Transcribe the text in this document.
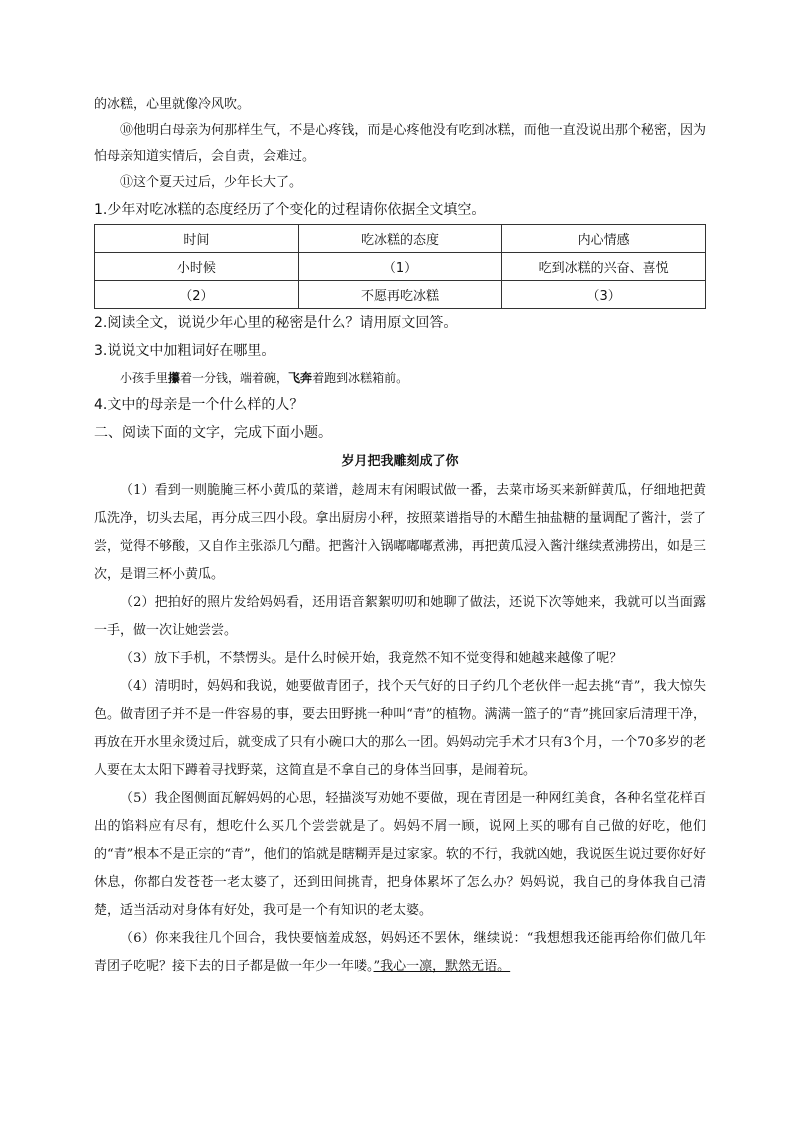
的冰糕，心里就像冷风吹。

⑩他明白母亲为何那样生气，不是心疼钱，而是心疼他没有吃到冰糕，而他一直没说出那个秘密，因为怕母亲知道实情后，会自责，会难过。

⑪这个夏天过后，少年长大了。

1.少年对吃冰糕的态度经历了个变化的过程请你依据全文填空。

时间	吃冰糕的态度	内心情感
小时候	（1）	吃到冰糕的兴奋、喜悦
（2）	不愿再吃冰糕	（3）

2.阅读全文，说说少年心里的秘密是什么？请用原文回答。

3.说说文中加粗词好在哪里。

小孩手里攥着一分钱，端着碗，飞奔着跑到冰糕箱前。

4.文中的母亲是一个什么样的人？

二、阅读下面的文字，完成下面小题。

岁月把我雕刻成了你

（1）看到一则脆腌三杯小黄瓜的菜谱，趁周末有闲暇试做一番，去菜市场买来新鲜黄瓜，仔细地把黄瓜洗净，切头去尾，再分成三四小段。拿出厨房小秤，按照菜谱指导的木醋生抽盐糖的量调配了酱汁，尝了尝，觉得不够酸，又自作主张添几勺醋。把酱汁入锅嘟嘟嘟煮沸，再把黄瓜浸入酱汁继续煮沸捞出，如是三次，是谓三杯小黄瓜。

（2）把拍好的照片发给妈妈看，还用语音絮絮叨叨和她聊了做法，还说下次等她来，我就可以当面露一手，做一次让她尝尝。

（3）放下手机，不禁愣头。是什么时候开始，我竟然不知不觉变得和她越来越像了呢？

（4）清明时，妈妈和我说，她要做青团子，找个天气好的日子约几个老伙伴一起去挑“青”，我大惊失色。做青团子并不是一件容易的事，要去田野挑一种叫“青”的植物。满满一篮子的“青”挑回家后清理干净，再放在开水里汆烫过后，就变成了只有小碗口大的那么一团。妈妈动完手术才只有3个月，一个70多岁的老人要在太太阳下蹲着寻找野菜，这简直是不拿自己的身体当回事，是闹着玩。

（5）我企图侧面瓦解妈妈的心思，轻描淡写劝她不要做，现在青团是一种网红美食，各种名堂花样百出的馅料应有尽有，想吃什么买几个尝尝就是了。妈妈不屑一顾，说网上买的哪有自己做的好吃，他们的“青”根本不是正宗的“青”，他们的馅就是瞎糊弄是过家家。软的不行，我就凶她，我说医生说过要你好好休息，你都白发苍苍一老太婆了，还到田间挑青，把身体累坏了怎么办？妈妈说，我自己的身体我自己清楚，适当活动对身体有好处，我可是一个有知识的老太婆。

（6）你来我往几个回合，我快要恼羞成怒，妈妈还不罢休，继续说：“我想想我还能再给你们做几年青团子吃呢？接下去的日子都是做一年少一年喽。”我心一凛，默然无语。
